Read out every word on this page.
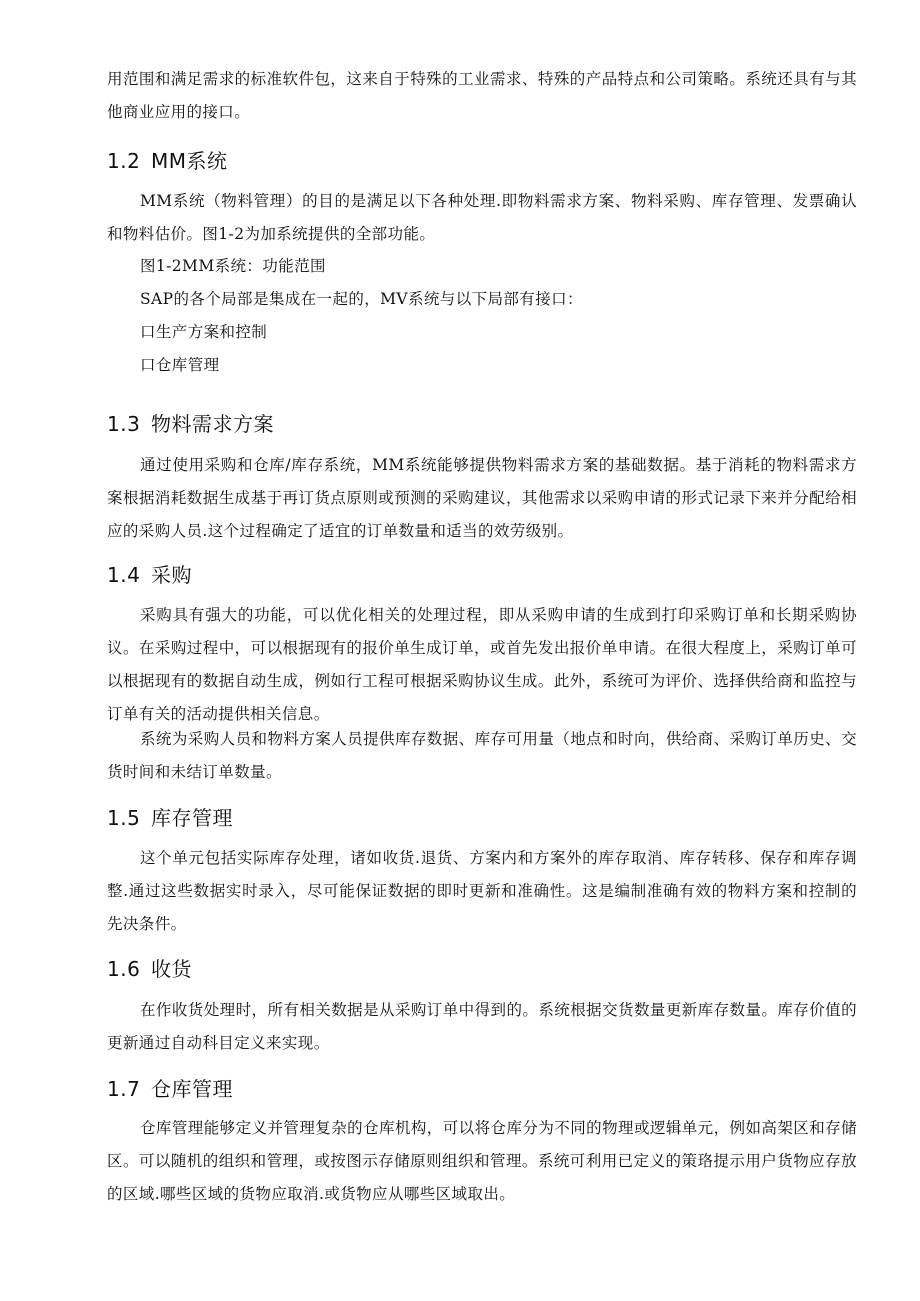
用范围和满足需求的标准软件包，这来自于特殊的工业需求、特殊的产品特点和公司策略。系统还具有与其他商业应用的接口。

1.2 MM系统

MM系统（物料管理）的目的是满足以下各种处理.即物料需求方案、物料采购、库存管理、发票确认和物料估价。图1-2为加系统提供的全部功能。

图1-2MM系统：功能范围

SAP的各个局部是集成在一起的，MV系统与以下局部有接口：

口生产方案和控制

口仓库管理

1.3 物料需求方案

通过使用采购和仓库/库存系统，MM系统能够提供物料需求方案的基础数据。基于消耗的物料需求方案根据消耗数据生成基于再订货点原则或预测的采购建议，其他需求以采购申请的形式记录下来并分配给相应的采购人员.这个过程确定了适宜的订单数量和适当的效劳级别。

1.4 采购

采购具有强大的功能，可以优化相关的处理过程，即从采购申请的生成到打印采购订单和长期采购协议。在采购过程中，可以根据现有的报价单生成订单，或首先发出报价单申请。在很大程度上，采购订单可以根据现有的数据自动生成，例如行工程可根据采购协议生成。此外，系统可为评价、选择供给商和监控与订单有关的活动提供相关信息。

系统为采购人员和物料方案人员提供库存数据、库存可用量（地点和时向，供给商、采购订单历史、交货时间和未结订单数量。

1.5 库存管理

这个单元包括实际库存处理，诸如收货.退货、方案内和方案外的库存取消、库存转移、保存和库存调整.通过这些数据实时录入，尽可能保证数据的即时更新和准确性。这是编制准确有效的物料方案和控制的先决条件。

1.6 收货

在作收货处理时，所有相关数据是从采购订单中得到的。系统根据交货数量更新库存数量。库存价值的更新通过自动科目定义来实现。

1.7 仓库管理

仓库管理能够定义并管理复杂的仓库机构，可以将仓库分为不同的物理或逻辑单元，例如高架区和存储区。可以随机的组织和管理，或按图示存储原则组织和管理。系统可利用已定义的策珞提示用户货物应存放的区域.哪些区域的货物应取消.或货物应从哪些区域取出。
